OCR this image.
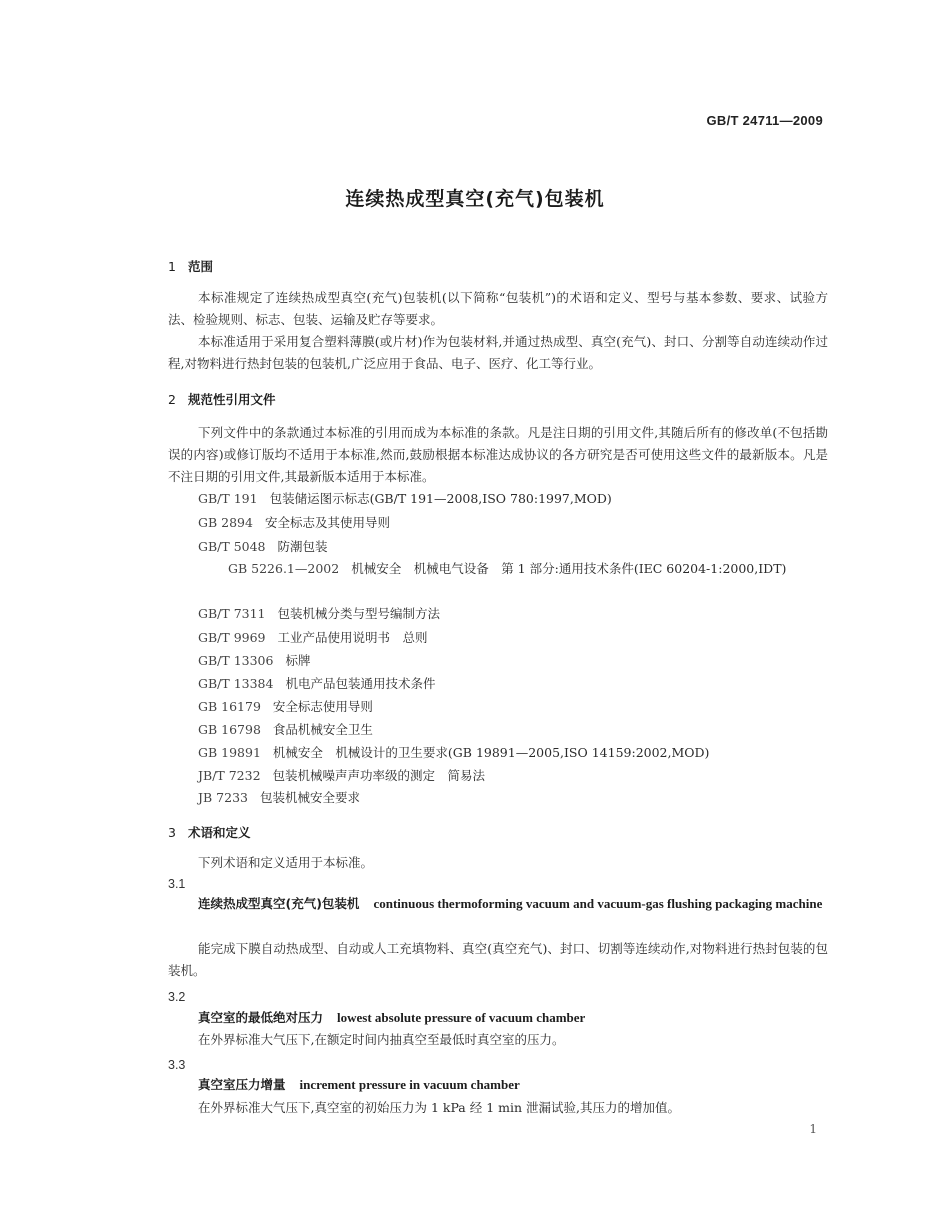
GB/T 24711—2009
连续热成型真空(充气)包装机
1 范围
本标准规定了连续热成型真空(充气)包装机(以下简称“包装机”)的术语和定义、型号与基本参数、要求、试验方法、检验规则、标志、包装、运输及贮存等要求。
本标准适用于采用复合塑料薄膜(或片材)作为包装材料,并通过热成型、真空(充气)、封口、分割等自动连续动作过程,对物料进行热封包装的包装机,广泛应用于食品、电子、医疗、化工等行业。
2 规范性引用文件
下列文件中的条款通过本标准的引用而成为本标准的条款。凡是注日期的引用文件,其随后所有的修改单(不包括勘误的内容)或修订版均不适用于本标准,然而,鼓励根据本标准达成协议的各方研究是否可使用这些文件的最新版本。凡是不注日期的引用文件,其最新版本适用于本标准。
GB/T 191 包装储运图示标志(GB/T 191—2008,ISO 780:1997,MOD)
GB 2894 安全标志及其使用导则
GB/T 5048 防潮包装
GB 5226.1—2002 机械安全　机械电气设备　第 1 部分:通用技术条件(IEC 60204-1:2000,IDT)
GB/T 7311 包装机械分类与型号编制方法
GB/T 9969 工业产品使用说明书　总则
GB/T 13306 标牌
GB/T 13384 机电产品包装通用技术条件
GB 16179 安全标志使用导则
GB 16798 食品机械安全卫生
GB 19891 机械安全　机械设计的卫生要求(GB 19891—2005,ISO 14159:2002,MOD)
JB/T 7232 包装机械噪声声功率级的测定　简易法
JB 7233 包装机械安全要求
3 术语和定义
下列术语和定义适用于本标准。
3.1
连续热成型真空(充气)包装机 continuous thermoforming vacuum and vacuum-gas flushing packaging machine
能完成下膜自动热成型、自动或人工充填物料、真空(真空充气)、封口、切割等连续动作,对物料进行热封包装的包装机。
3.2
真空室的最低绝对压力 lowest absolute pressure of vacuum chamber
在外界标准大气压下,在额定时间内抽真空至最低时真空室的压力。
3.3
真空室压力增量 increment pressure in vacuum chamber
在外界标准大气压下,真空室的初始压力为 1 kPa 经 1 min 泄漏试验,其压力的增加值。
1
